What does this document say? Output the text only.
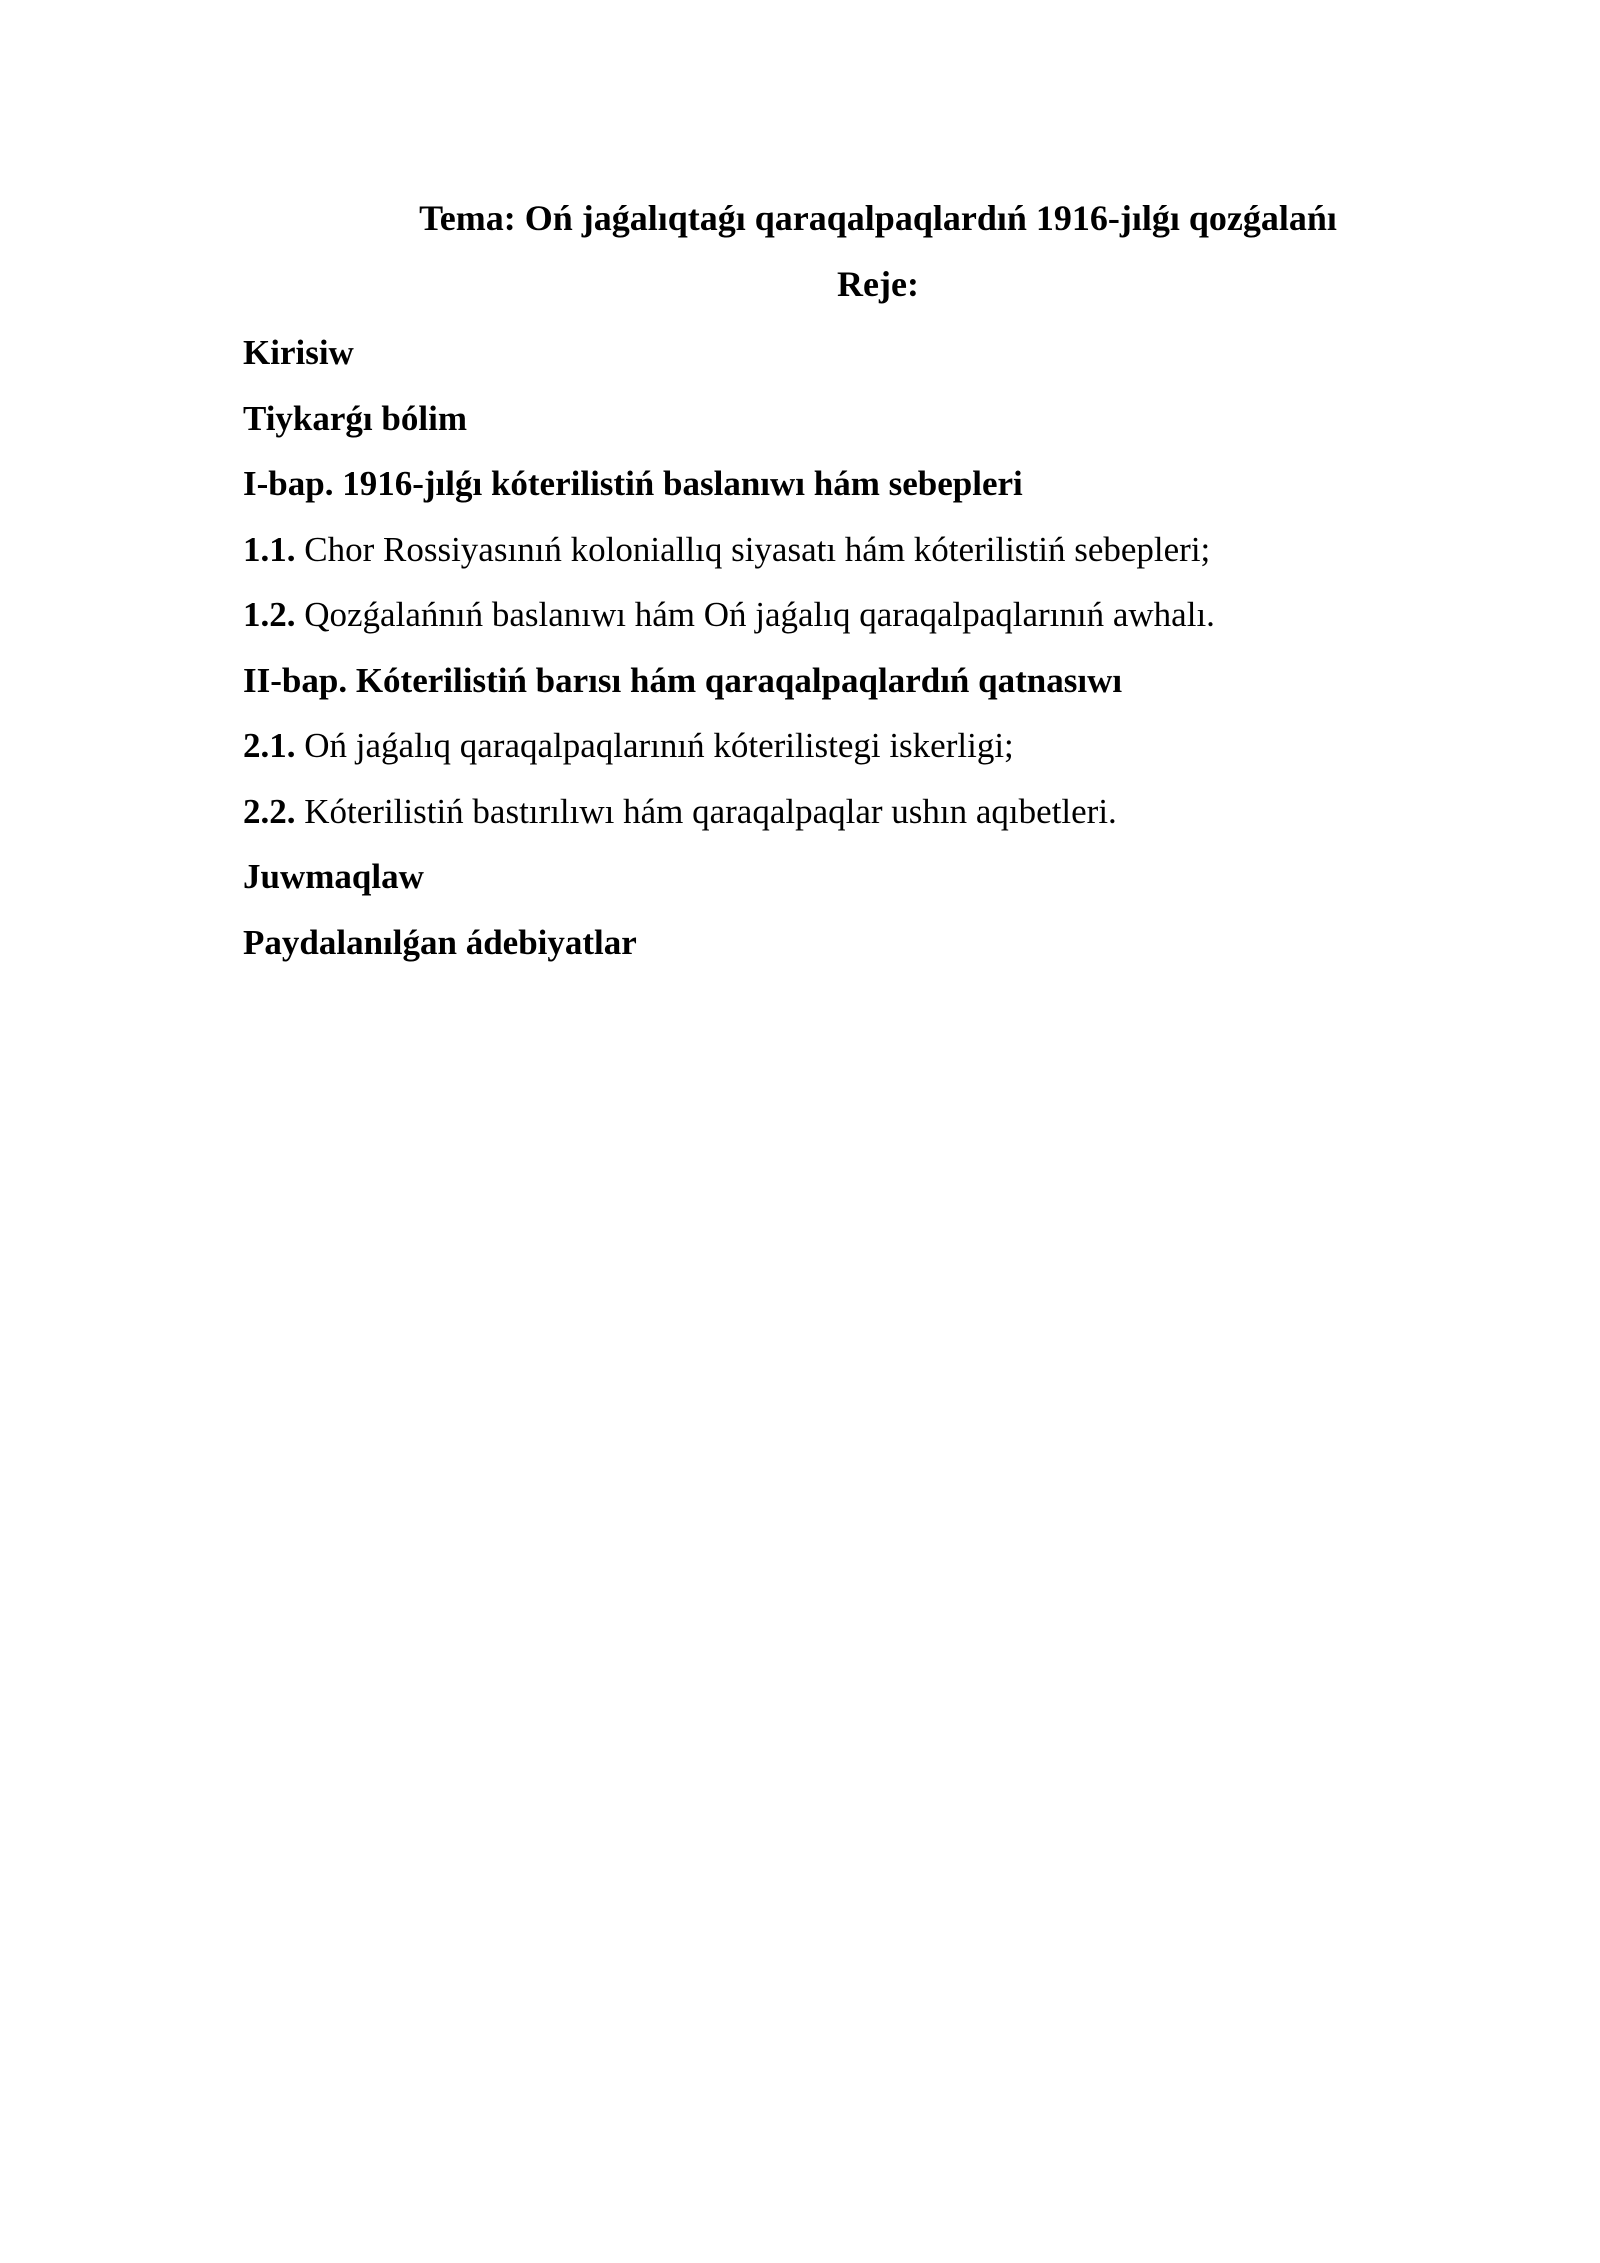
Tema: Oń jaǵalıqtaǵı qaraqalpaqlardıń 1916-jılǵı qozǵalańı
Reje:
Kirisiw
Tiykarǵı bólim
I-bap. 1916-jılǵı kóterilistiń baslanıwı hám sebepleri
1.1. Chor Rossiyasınıń koloniallıq siyasatı hám kóterilistiń sebepleri;
1.2. Qozǵalańnıń baslanıwı hám Oń jaǵalıq qaraqalpaqlarınıń awhalı.
II-bap. Kóterilistiń barısı hám qaraqalpaqlardıń qatnasıwı
2.1. Oń jaǵalıq qaraqalpaqlarınıń kóterilistegi iskerligi;
2.2. Kóterilistiń bastırılıwı hám qaraqalpaqlar ushın aqıbetleri.
Juwmaqlaw
Paydalanılǵan ádebiyatlar
